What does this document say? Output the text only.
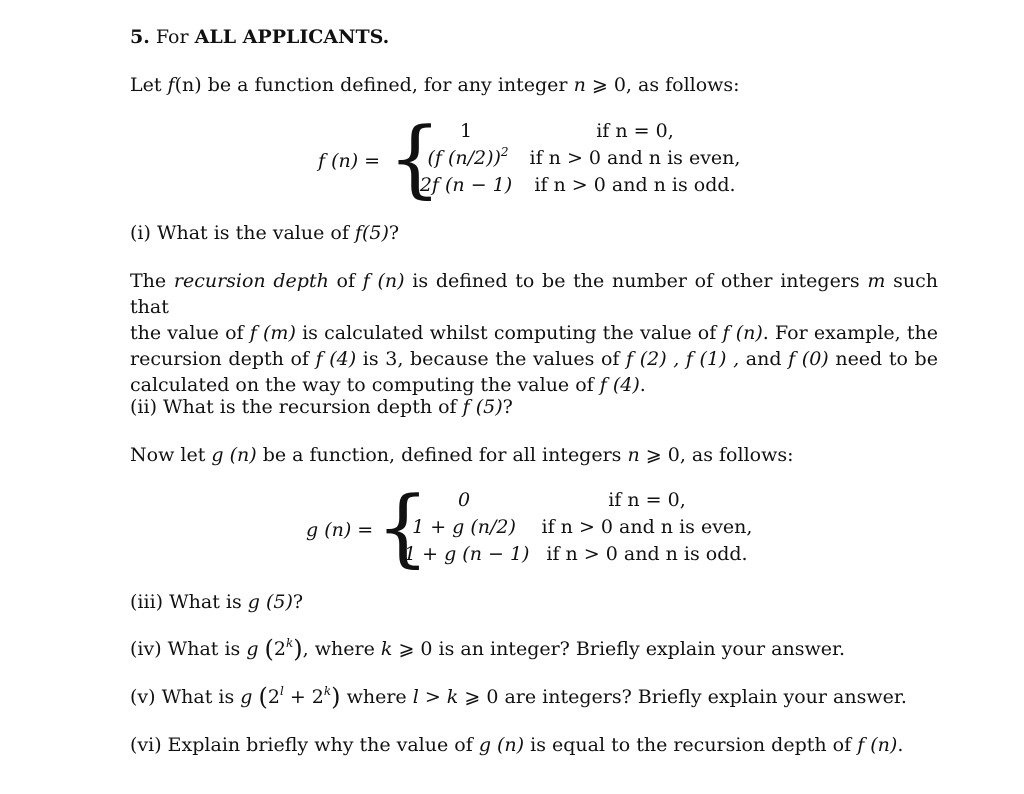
5. For ALL APPLICANTS.

Let f(n) be a function defined, for any integer n ⩾ 0, as follows:

f (n) = { 1	if n = 0,
(f (n/2))$^2$	if n > 0 and n is even,
2f (n − 1)	if n > 0 and n is odd.

(i) What is the value of f(5)?

The recursion depth of f (n) is defined to be the number of other integers m such that
the value of f (m) is calculated whilst computing the value of f (n). For example, the
recursion depth of f (4) is 3, because the values of f (2) , f (1) , and f (0) need to be
calculated on the way to computing the value of f (4).

(ii) What is the recursion depth of f (5)?

Now let g (n) be a function, defined for all integers n ⩾ 0, as follows:

g (n) = {	0	if n = 0,
1 + g (n/2)	if n > 0 and n is even,
1 + g (n − 1) if n > 0 and n is odd.

(iii) What is g (5)?

(iv) What is g (2$^k$), where k ⩾ 0 is an integer? Briefly explain your answer.

(v) What is g $(2^l + 2^k)$ where l > k ⩾ 0 are integers? Briefly explain your answer.

(vi) Explain briefly why the value of g (n) is equal to the recursion depth of f (n).
